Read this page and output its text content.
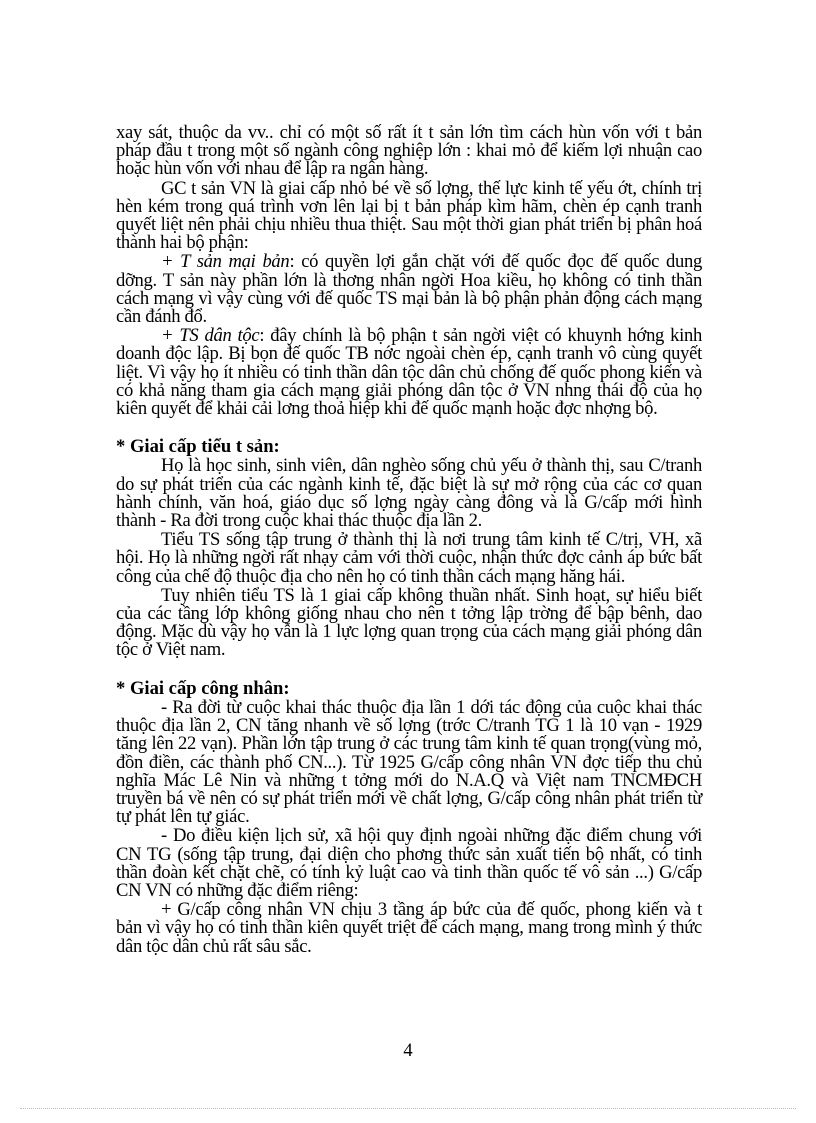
xay sát, thuộc da vv.. chỉ có một số rất ít t sản lớn tìm cách hùn vốn với t bản pháp đầu t trong một số ngành công nghiệp lớn : khai mỏ để kiếm lợi nhuận cao hoặc hùn vốn với nhau để lập ra ngân hàng.

GC t sản VN là giai cấp nhỏ bé về số lợng, thế lực kinh tế yếu ớt, chính trị hèn kém trong quá trình vơn lên lại bị t bản pháp kìm hãm, chèn ép cạnh tranh quyết liệt nên phải chịu nhiều thua thiệt. Sau một thời gian phát triển bị phân hoá thành hai bộ phận:

+ T sản mại bản: có quyền lợi gắn chặt với đế quốc đọc đế quốc dung dỡng. T sản này phần lớn là thơng nhân ngời Hoa kiều, họ không có tinh thần cách mạng vì vậy cùng với đế quốc TS mại bản là bộ phận phản động cách mạng cần đánh đổ.

+ TS dân tộc: đây chính là bộ phận t sản ngời việt có khuynh hớng kinh doanh độc lập. Bị bọn đế quốc TB nớc ngoài chèn ép, cạnh tranh vô cùng quyết liệt. Vì vậy họ ít nhiều có tinh thần dân tộc dân chủ chống đế quốc phong kiến và có khả năng tham gia cách mạng giải phóng dân tộc ở VN nhng thái độ của họ kiên quyết để khải cải lơng thoả hiệp khi đế quốc mạnh hoặc đợc nhợng bộ.

* Giai cấp tiểu t sản:

Họ là học sinh, sinh viên, dân nghèo sống chủ yếu ở thành thị, sau C/tranh do sự phát triển của các ngành kinh tế, đặc biệt là sự mở rộng của các cơ quan hành chính, văn hoá, giáo dục số lợng ngày càng đông và là G/cấp mới hình thành - Ra đời trong cuộc khai thác thuộc địa lần 2.

Tiểu TS sống tập trung ở thành thị là nơi trung tâm kinh tế C/trị, VH, xã hội. Họ là những ngời rất nhạy cảm với thời cuộc, nhận thức đợc cảnh áp bức bất công của chế độ thuộc địa cho nên họ có tinh thần cách mạng hăng hái.

Tuy nhiên tiểu TS là 1 giai cấp không thuần nhất. Sinh hoạt, sự hiểu biết của các tầng lớp không giống nhau cho nên t tởng lập trờng để bập bênh, dao động. Mặc dù vậy họ vẫn là 1 lực lợng quan trọng của cách mạng giải phóng dân tộc ở Việt nam.

* Giai cấp công nhân:

- Ra đời từ cuộc khai thác thuộc địa lần 1 dới tác động của cuộc khai thác thuộc địa lần 2, CN tăng nhanh về số lợng (trớc C/tranh TG 1 là 10 vạn - 1929 tăng lên 22 vạn). Phần lớn tập trung ở các trung tâm kinh tế quan trọng(vùng mỏ, đồn điền, các thành phố CN...). Từ 1925 G/cấp công nhân VN đợc tiếp thu chủ nghĩa Mác Lê Nin và những t tởng mới do N.A.Q và Việt nam TNCMĐCH truyền bá về nên có sự phát triển mới về chất lợng, G/cấp công nhân phát triển từ tự phát lên tự giác.

- Do điều kiện lịch sử, xã hội quy định ngoài những đặc điểm chung với CN TG (sống tập trung, đại diện cho phơng thức sản xuất tiến bộ nhất, có tinh thần đoàn kết chặt chẽ, có tính kỷ luật cao và tinh thần quốc tế vô sản ...) G/cấp CN VN có những đặc điểm riêng:

+ G/cấp công nhân VN chịu 3 tầng áp bức của đế quốc, phong kiến và t bản vì vậy họ có tinh thần kiên quyết triệt để cách mạng, mang trong mình ý thức dân tộc dân chủ rất sâu sắc.

4
